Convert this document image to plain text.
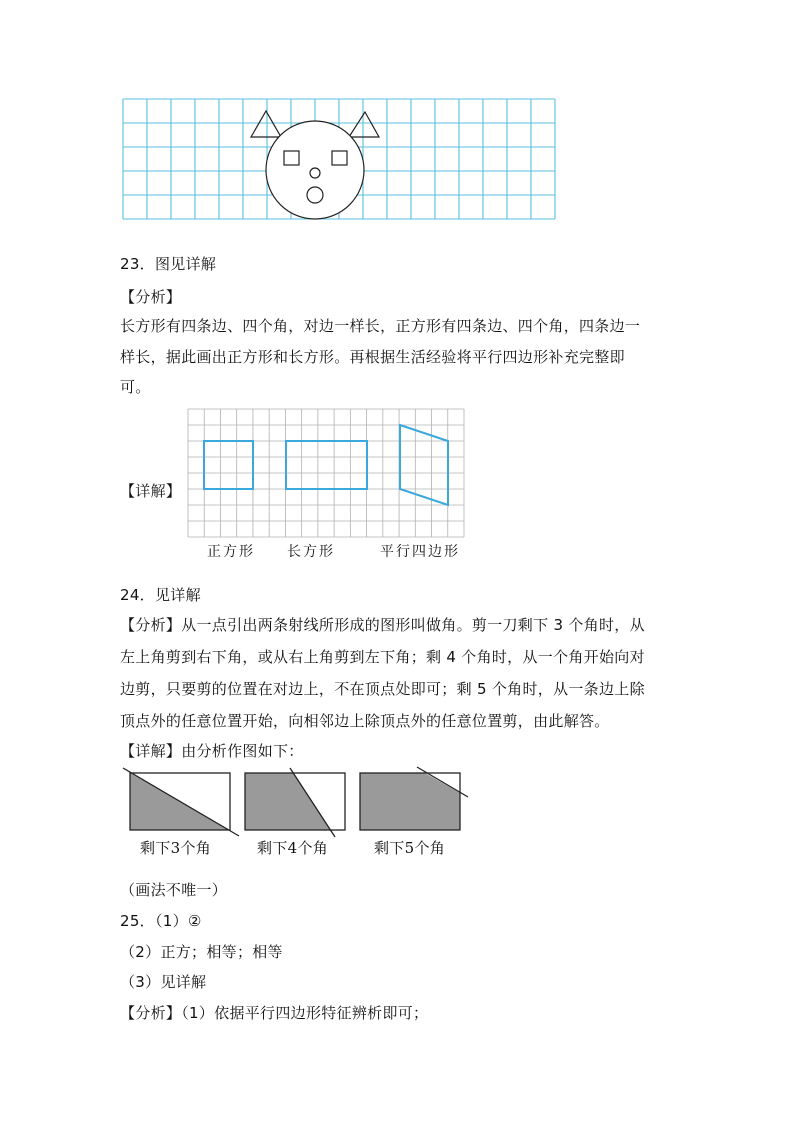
23．图见详解
【分析】
长方形有四条边、四个角，对边一样长，正方形有四条边、四个角，四条边一
样长，据此画出正方形和长方形。再根据生活经验将平行四边形补充完整即
可。
【详解】
正方形 长方形	平行四边形
24．见详解
【分析】从一点引出两条射线所形成的图形叫做角。剪一刀剩下 3 个角时，从
左上角剪到右下角，或从右上角剪到左下角；剩 4 个角时，从一个角开始向对
边剪，只要剪的位置在对边上，不在顶点处即可；剩 5 个角时，从一条边上除
顶点外的任意位置开始，向相邻边上除顶点外的任意位置剪，由此解答。
【详解】由分析作图如下：
剩下3个角	剩下4个角	剩下5个角
（画法不唯一）
25．（1）②
（2）正方；相等；相等
（3）见详解
【分析】（1）依据平行四边形特征辨析即可；
